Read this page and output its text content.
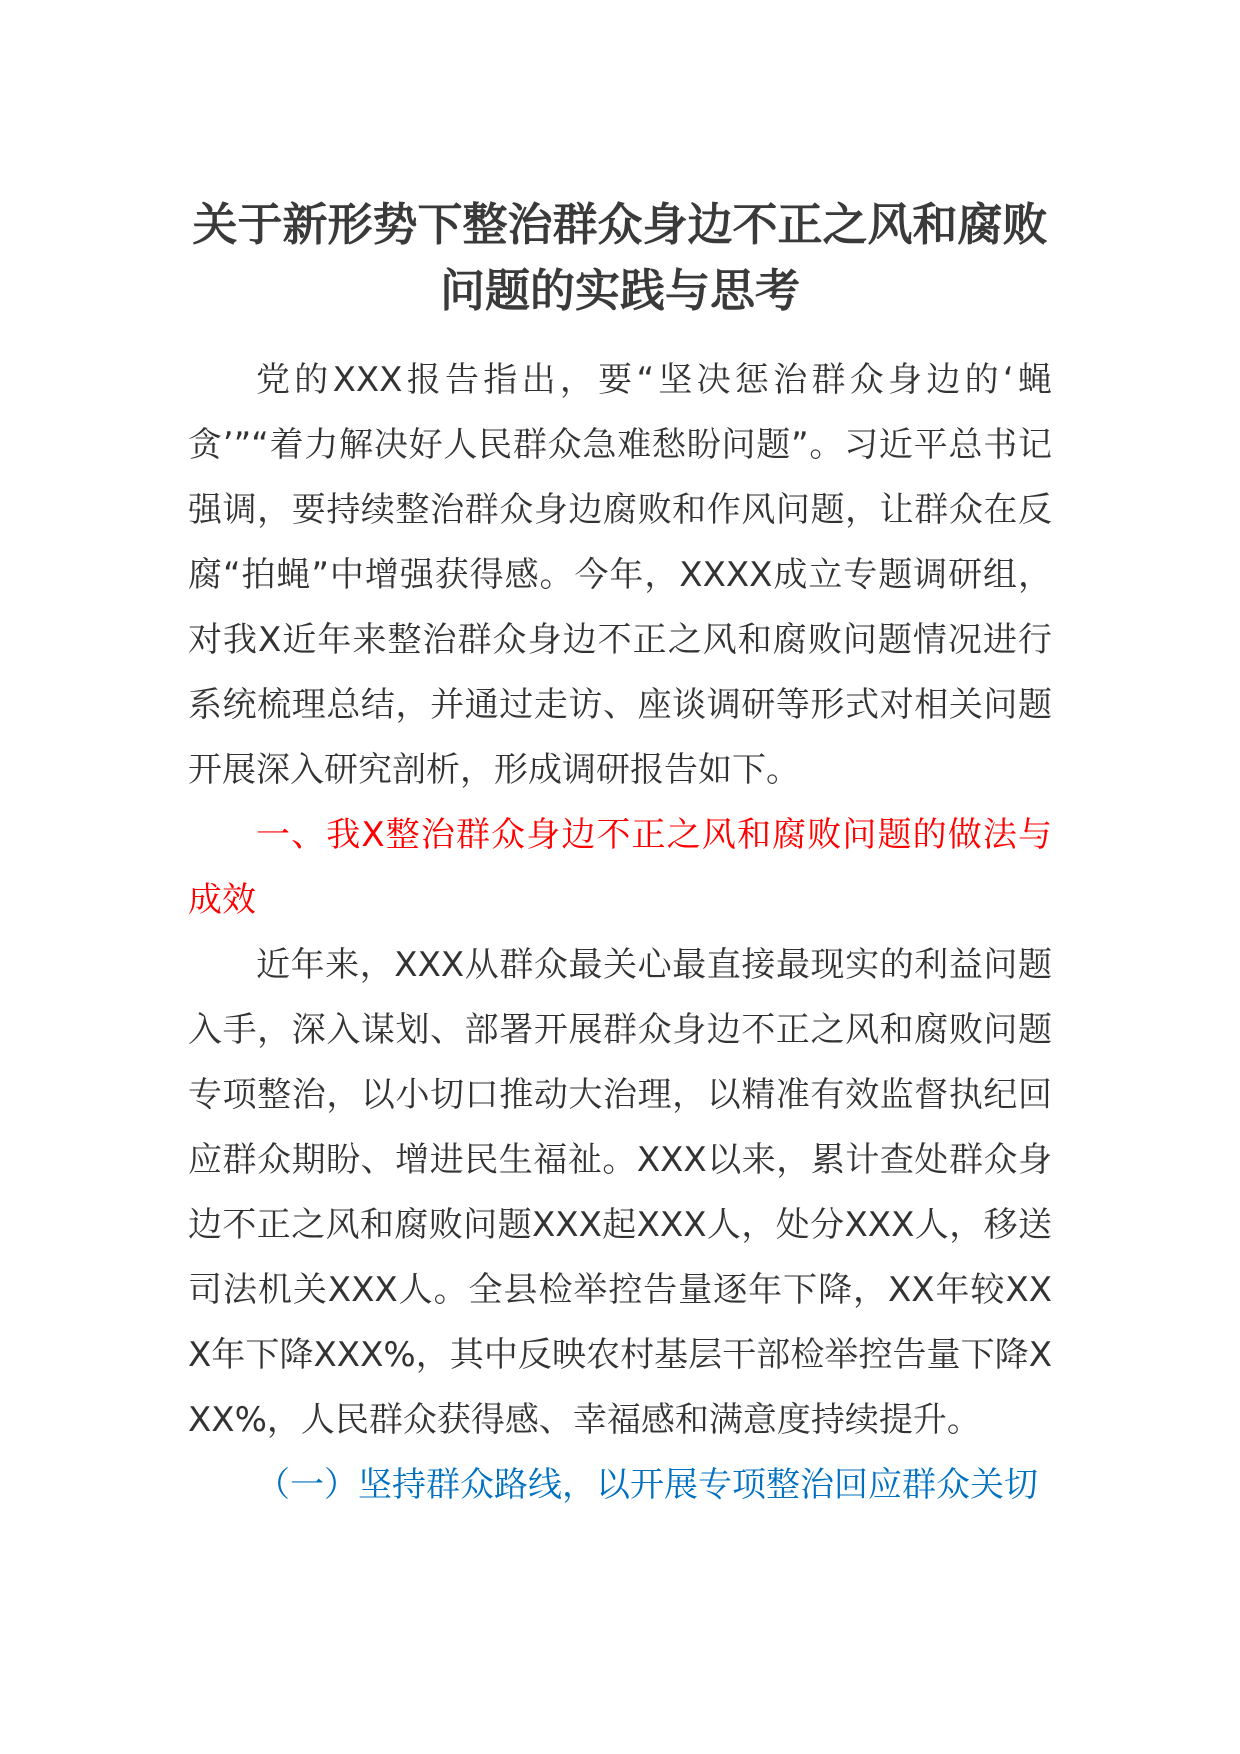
关于新形势下整治群众身边不正之风和腐败问题的实践与思考

党的XXX报告指出，要“坚决惩治群众身边的‘蝇贪’”“着力解决好人民群众急难愁盼问题”。习近平总书记强调，要持续整治群众身边腐败和作风问题，让群众在反腐“拍蝇”中增强获得感。今年，XXXX成立专题调研组，对我X近年来整治群众身边不正之风和腐败问题情况进行系统梳理总结，并通过走访、座谈调研等形式对相关问题开展深入研究剖析，形成调研报告如下。

一、我X整治群众身边不正之风和腐败问题的做法与成效

近年来，XXX从群众最关心最直接最现实的利益问题入手，深入谋划、部署开展群众身边不正之风和腐败问题专项整治，以小切口推动大治理，以精准有效监督执纪回应群众期盼、增进民生福祉。XXX以来，累计查处群众身边不正之风和腐败问题XXX起XXX人，处分XXX人，移送司法机关XXX人。全县检举控告量逐年下降，XX年较XXX年下降XXX%，其中反映农村基层干部检举控告量下降XXX%，人民群众获得感、幸福感和满意度持续提升。

（一）坚持群众路线，以开展专项整治回应群众关切
